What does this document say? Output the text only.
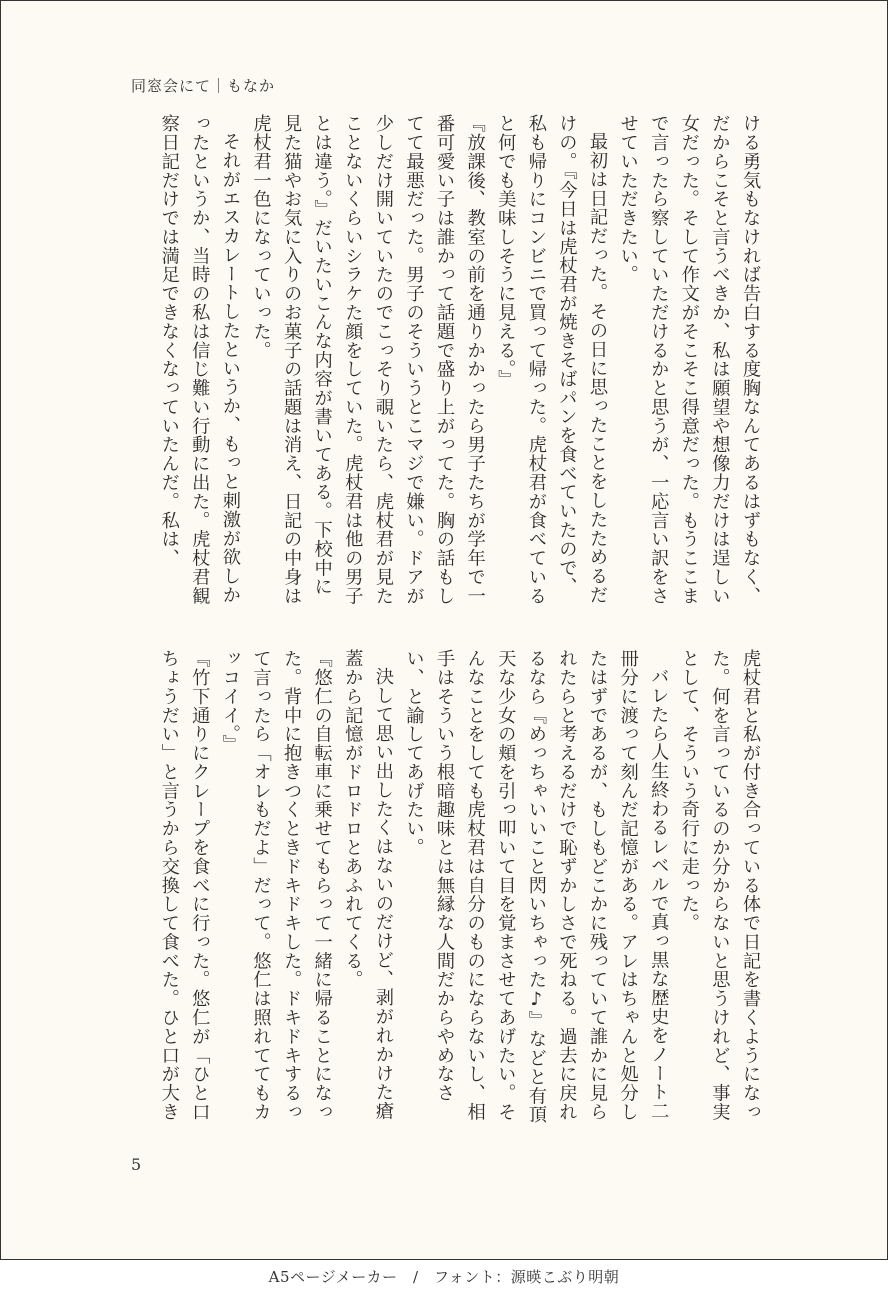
同窓会にて｜もなか

ける勇気もなければ告白する度胸なんてあるはずもなく、だからこそと言うべきか、私は願望や想像力だけは逞しい女だった。そして作文がそこそこ得意だった。もうここまで言ったら察していただけるかと思うが、一応言い訳をさせていただきたい。

最初は日記だった。その日に思ったことをしたためるだけの。『今日は虎杖君が焼きそばパンを食べていたので、私も帰りにコンビニで買って帰った。虎杖君が食べていると何でも美味しそうに見える。』

『放課後、教室の前を通りかかったら男子たちが学年で一番可愛い子は誰かって話題で盛り上がってた。胸の話もしてて最悪だった。男子のそういうとこマジで嫌い。ドアが少しだけ開いていたのでこっそり覗いたら、虎杖君が見たことないくらいシラケた顔をしていた。虎杖君は他の男子とは違う。』だいたいこんな内容が書いてある。下校中に見た猫やお気に入りのお菓子の話題は消え、日記の中身は虎杖君一色になっていった。

それがエスカレートしたというか、もっと刺激が欲しかったというか、当時の私は信じ難い行動に出た。虎杖君観察日記だけでは満足できなくなっていたんだ。私は、

虎杖君と私が付き合っている体で日記を書くようになった。何を言っているのか分からないと思うけれど、事実として、そういう奇行に走った。

バレたら人生終わるレベルで真っ黒な歴史をノート二冊分に渡って刻んだ記憶がある。アレはちゃんと処分したはずであるが、もしもどこかに残っていて誰かに見られたらと考えるだけで恥ずかしさで死ねる。過去に戻れるなら『めっちゃいいこと閃いちゃった♪』などと有頂天な少女の頬を引っ叩いて目を覚まさせてあげたい。そんなことをしても虎杖君は自分のものにならないし、相手はそういう根暗趣味とは無縁な人間だからやめなさい、と諭してあげたい。

決して思い出したくはないのだけど、剥がれかけた瘡蓋から記憶がドロドロとあふれてくる。

『悠仁の自転車に乗せてもらって一緒に帰ることになった。背中に抱きつくときドキドキした。ドキドキするって言ったら「オレもだよ」だって。悠仁は照れててもカッコイイ。』

『竹下通りにクレープを食べに行った。悠仁が「ひと口ちょうだい」と言うから交換して食べた。ひと口が大き

5
A5ページメーカー　/　フォント：源暎こぶり明朝
